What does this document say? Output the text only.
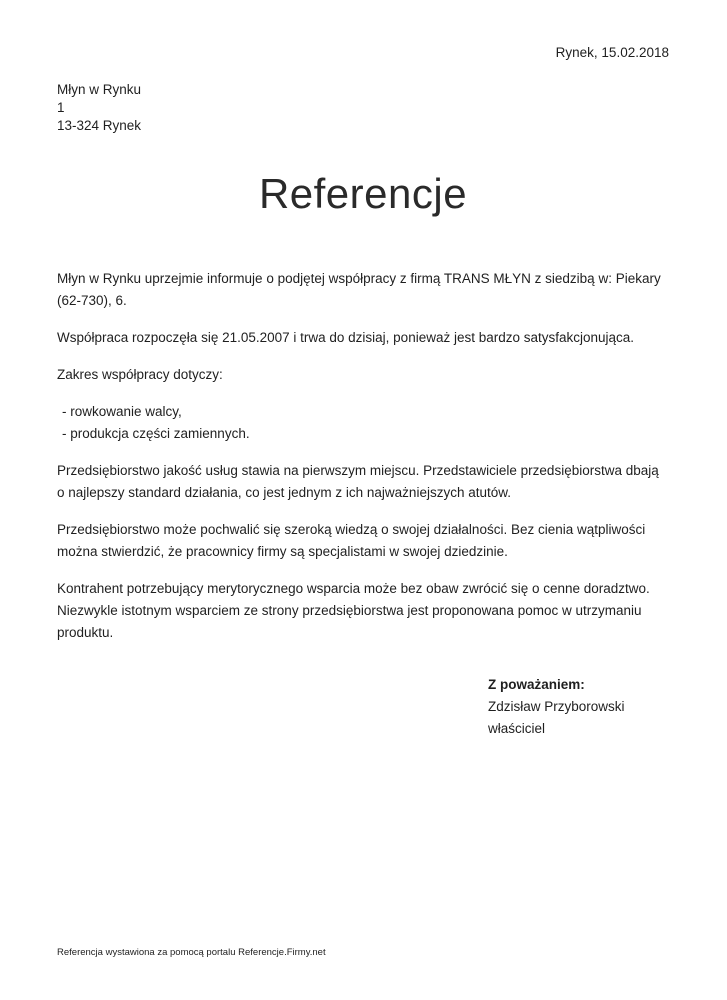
Rynek, 15.02.2018
Młyn w Rynku
1
13-324 Rynek
Referencje

Młyn w Rynku uprzejmie informuje o podjętej współpracy z firmą TRANS MŁYN z siedzibą w: Piekary (62-730), 6.

Współpraca rozpoczęła się 21.05.2007 i trwa do dzisiaj, ponieważ jest bardzo satysfakcjonująca.

Zakres współpracy dotyczy:

- rowkowanie walcy,
- produkcja części zamiennych.

Przedsiębiorstwo jakość usług stawia na pierwszym miejscu. Przedstawiciele przedsiębiorstwa dbają o najlepszy standard działania, co jest jednym z ich najważniejszych atutów.

Przedsiębiorstwo może pochwalić się szeroką wiedzą o swojej działalności. Bez cienia wątpliwości można stwierdzić, że pracownicy firmy są specjalistami w swojej dziedzinie.

Kontrahent potrzebujący merytorycznego wsparcia może bez obaw zwrócić się o cenne doradztwo. Niezwykle istotnym wsparciem ze strony przedsiębiorstwa jest proponowana pomoc w utrzymaniu produktu.

Z poważaniem:
Zdzisław Przyborowski
właściciel
Referencja wystawiona za pomocą portalu Referencje.Firmy.net
